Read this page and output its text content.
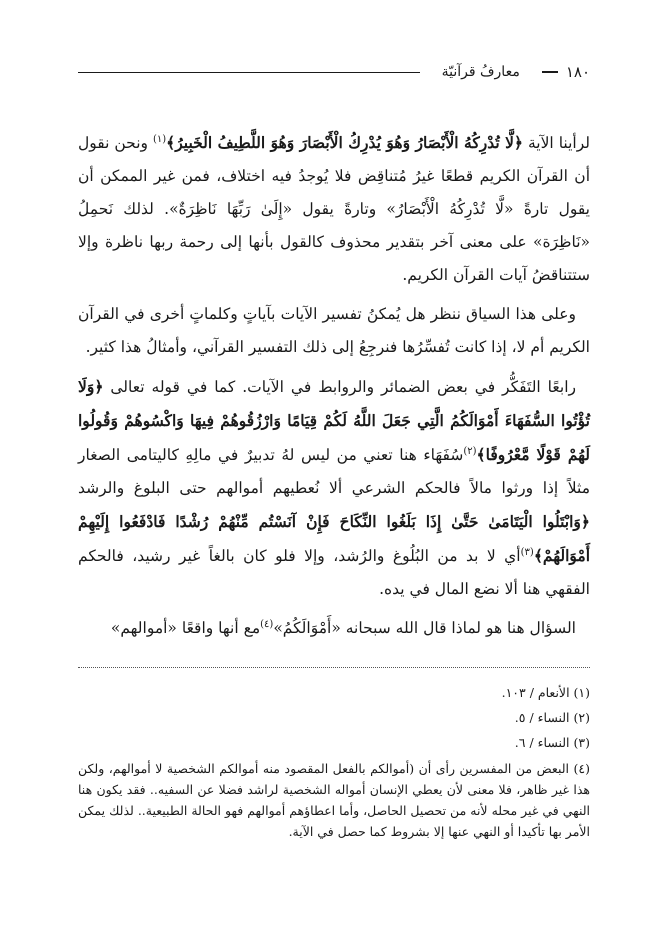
١٨٠
معارفُ قرآنيّة

لرأينا الآية ﴿لَّا تُدْرِكُهُ الْأَبْصَارُ وَهُوَ يُدْرِكُ الْأَبْصَارَ وَهُوَ اللَّطِيفُ الْخَبِيرُ﴾$^{(١)}$ ونحن نقول أن القرآن الكريم قطعًا غيرُ مُتناقِض فلا يُوجدُ فيه اختلاف، فمن غير الممكن أن يقول تارةً «لَّا تُدْرِكُهُ الْأَبْصَارُ» وتارةً يقول «إِلَىٰ رَبِّهَا نَاظِرَةٌ». لذلك نَحمِلُ «نَاظِرَة» على معنى آخر بتقدير محذوف كالقول بأنها إلى رحمة ربها ناظرة وإلا ستتناقضُ آيات القرآن الكريم.

وعلى هذا السياق ننظر هل يُمكنُ تفسير الآيات بآياتٍ وكلماتٍ أخرى في القرآن الكريم أم لا، إذا كانت تُفسِّرُها فنرجِعُ إلى ذلك التفسير القرآني، وأمثالُ هذا كثير.

رابعًا التَفَكُّر في بعض الضمائر والروابط في الآيات. كما في قوله تعالى ﴿وَلَا تُؤْتُوا السُّفَهَاءَ أَمْوَالَكُمُ الَّتِي جَعَلَ اللَّهُ لَكُمْ قِيَامًا وَارْزُقُوهُمْ فِيهَا وَاكْسُوهُمْ وَقُولُوا لَهُمْ قَوْلًا مَّعْرُوفًا﴾$^{(٢)}$سُفَهَاء هنا تعني من ليس لهُ تدبيرٌ في مالِهِ كاليتامى الصغار مثلاً إذا ورثوا مالاً فالحكم الشرعي ألا نُعطيهم أموالهم حتى البلوغ والرشد ﴿وَابْتَلُوا الْيَتَامَىٰ حَتَّىٰ إِذَا بَلَغُوا النِّكَاحَ فَإِنْ آنَسْتُم مِّنْهُمْ رُشْدًا فَادْفَعُوا إِلَيْهِمْ أَمْوَالَهُمْ﴾$^{(٣)}$أي لا بد من البُلُوغ والرُشد، وإلا فلو كان بالغاً غير رشيد، فالحكم الفقهي هنا ألا نضع المال في يده.

السؤال هنا هو لماذا قال الله سبحانه «أَمْوَالَكُمُ»$^{(٤)}$مع أنها واقعًا «أموالهم»

(١) الأنعام / ١٠٣.

(٢) النساء / ٥.

(٣) النساء / ٦.

(٤) البعض من المفسرين رأى أن (أموالكم بالفعل المقصود منه أموالكم الشخصية لا أموالهم، ولكن هذا غير ظاهر، فلا معنى لأن يعطي الإنسان أمواله الشخصية لراشد فضلا عن السفيه.. فقد يكون هنا النهي في غير محله لأنه من تحصيل الحاصل، وأما اعطاؤهم أموالهم فهو الحالة الطبيعية.. لذلك يمكن الأمر بها تأكيدا أو النهي عنها إلا بشروط كما حصل في الآية.
